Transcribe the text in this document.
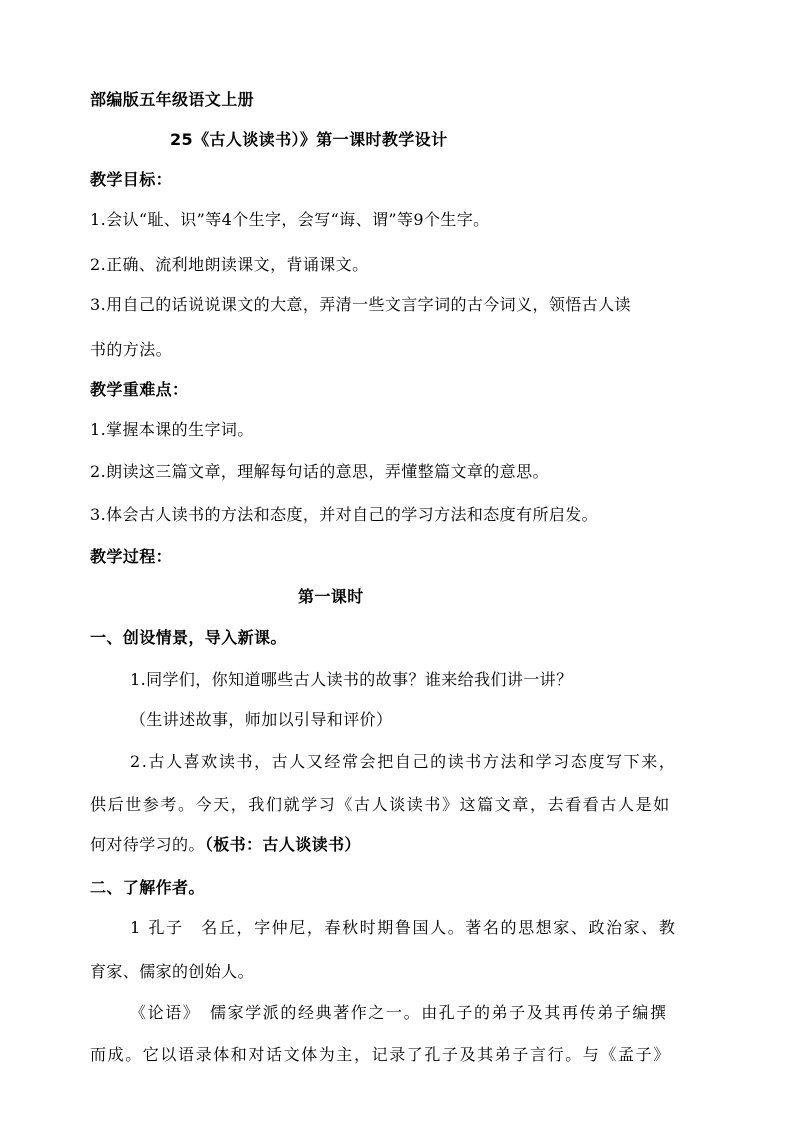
部编版五年级语文上册
25《古人谈读书）》第一课时教学设计
教学目标：
1.会认“耻、识”等4个生字，会写“诲、谓”等9个生字。
2.正确、流利地朗读课文，背诵课文。
3.用自己的话说说课文的大意，弄清一些文言字词的古今词义，领悟古人读
书的方法。
教学重难点：
1.掌握本课的生字词。
2.朗读这三篇文章，理解每句话的意思，弄懂整篇文章的意思。
3.体会古人读书的方法和态度，并对自己的学习方法和态度有所启发。
教学过程：
第一课时
一、创设情景，导入新课。
1.同学们，你知道哪些古人读书的故事？谁来给我们讲一讲？
（生讲述故事，师加以引导和评价）
2.古人喜欢读书，古人又经常会把自己的读书方法和学习态度写下来，
供后世参考。今天，我们就学习《古人谈读书》这篇文章，去看看古人是如
何对待学习的。（板书：古人谈读书）
二、了解作者。
1 孔子　名丘，字仲尼，春秋时期鲁国人。著名的思想家、政治家、教
育家、儒家的创始人。
《论语》　儒家学派的经典著作之一。由孔子的弟子及其再传弟子编撰
而成。它以语录体和对话文体为主，记录了孔子及其弟子言行。与《孟子》
